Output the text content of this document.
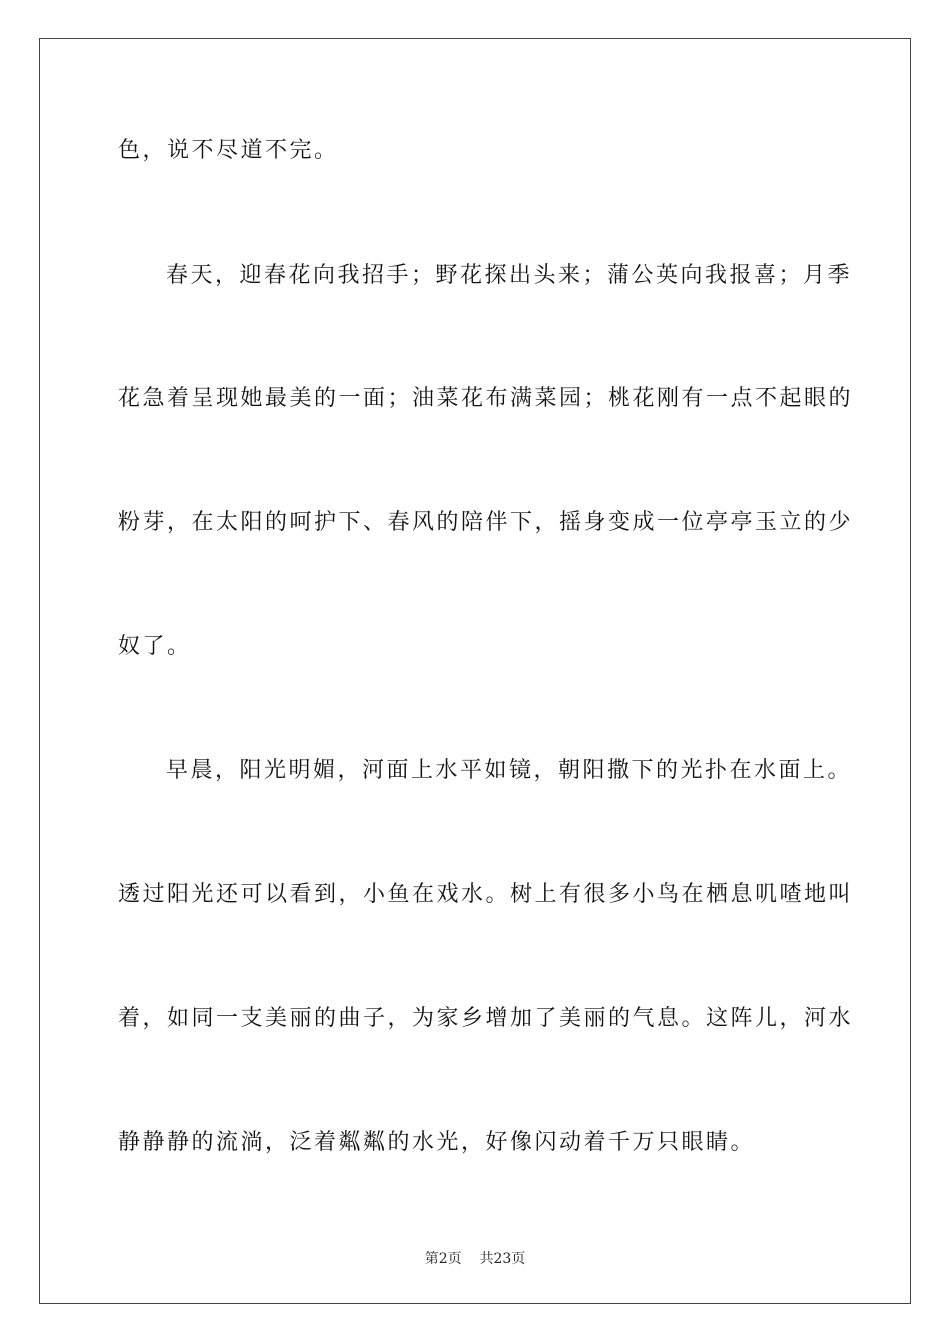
色，说不尽道不完。
春天，迎春花向我招手；野花探出头来；蒲公英向我报喜；月季
花急着呈现她最美的一面；油菜花布满菜园；桃花刚有一点不起眼的
粉芽，在太阳的呵护下、春风的陪伴下，摇身变成一位亭亭玉立的少
奴了。
早晨，阳光明媚，河面上水平如镜，朝阳撒下的光扑在水面上。
透过阳光还可以看到，小鱼在戏水。树上有很多小鸟在栖息叽喳地叫
着，如同一支美丽的曲子，为家乡增加了美丽的气息。这阵儿，河水
静静静的流淌，泛着粼粼的水光，好像闪动着千万只眼睛。
第2页 共23页
